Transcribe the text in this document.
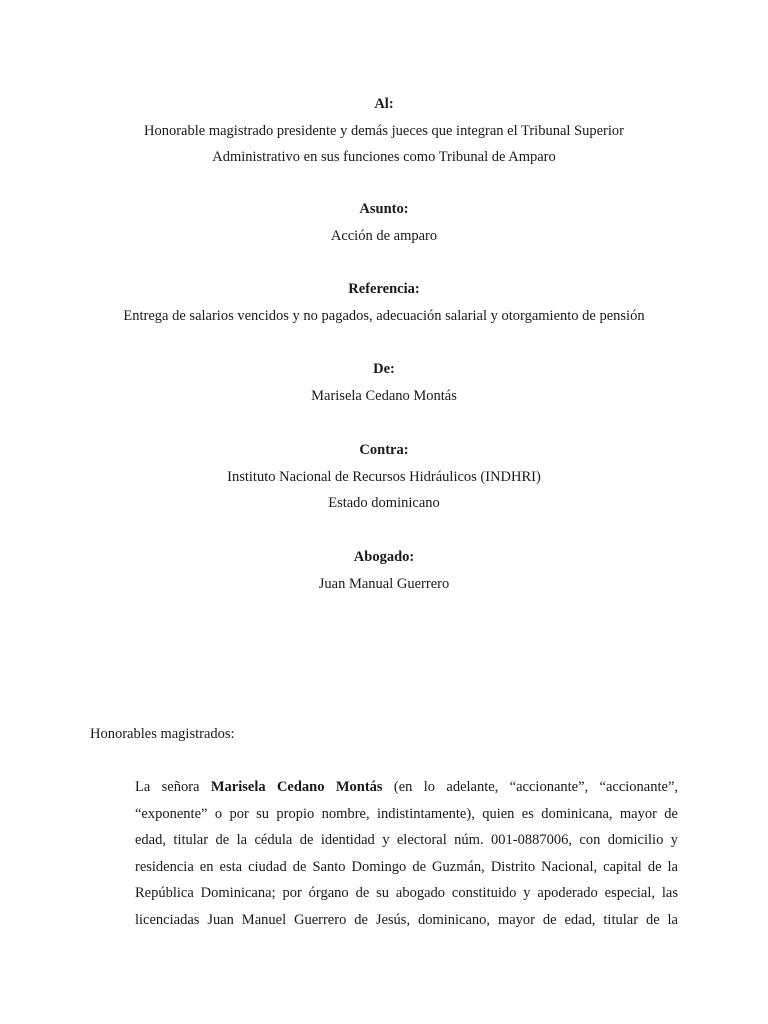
Al:
Honorable magistrado presidente y demás jueces que integran el Tribunal Superior
Administrativo en sus funciones como Tribunal de Amparo
Asunto:
Acción de amparo
Referencia:
Entrega de salarios vencidos y no pagados, adecuación salarial y otorgamiento de pensión
De:
Marisela Cedano Montás
Contra:
Instituto Nacional de Recursos Hidráulicos (INDHRI)
Estado dominicano
Abogado:
Juan Manual Guerrero
Honorables magistrados:
La señora Marisela Cedano Montás (en lo adelante, “accionante”, “accionante”,
“exponente” o por su propio nombre, indistintamente), quien es dominicana, mayor de
edad, titular de la cédula de identidad y electoral núm. 001-0887006, con domicilio y
residencia en esta ciudad de Santo Domingo de Guzmán, Distrito Nacional, capital de la
República Dominicana; por órgano de su abogado constituido y apoderado especial, las
licenciadas Juan Manuel Guerrero de Jesús, dominicano, mayor de edad, titular de la
